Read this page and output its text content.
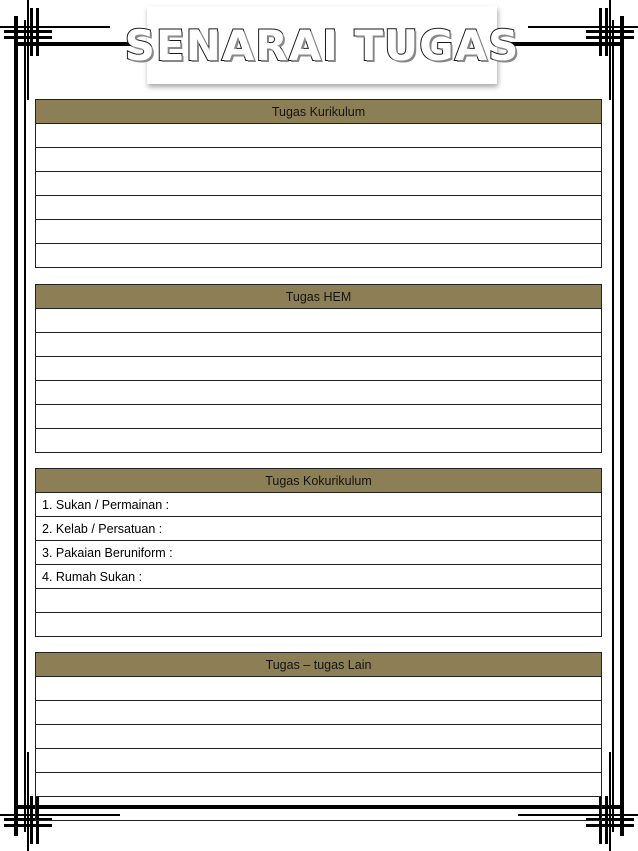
SENARAI TUGAS
Tugas Kurikulum

Tugas HEM

Tugas Kokurikulum
1. Sukan / Permainan :
2. Kelab / Persatuan :
3. Pakaian Beruniform :
4. Rumah Sukan :

Tugas – tugas Lain
